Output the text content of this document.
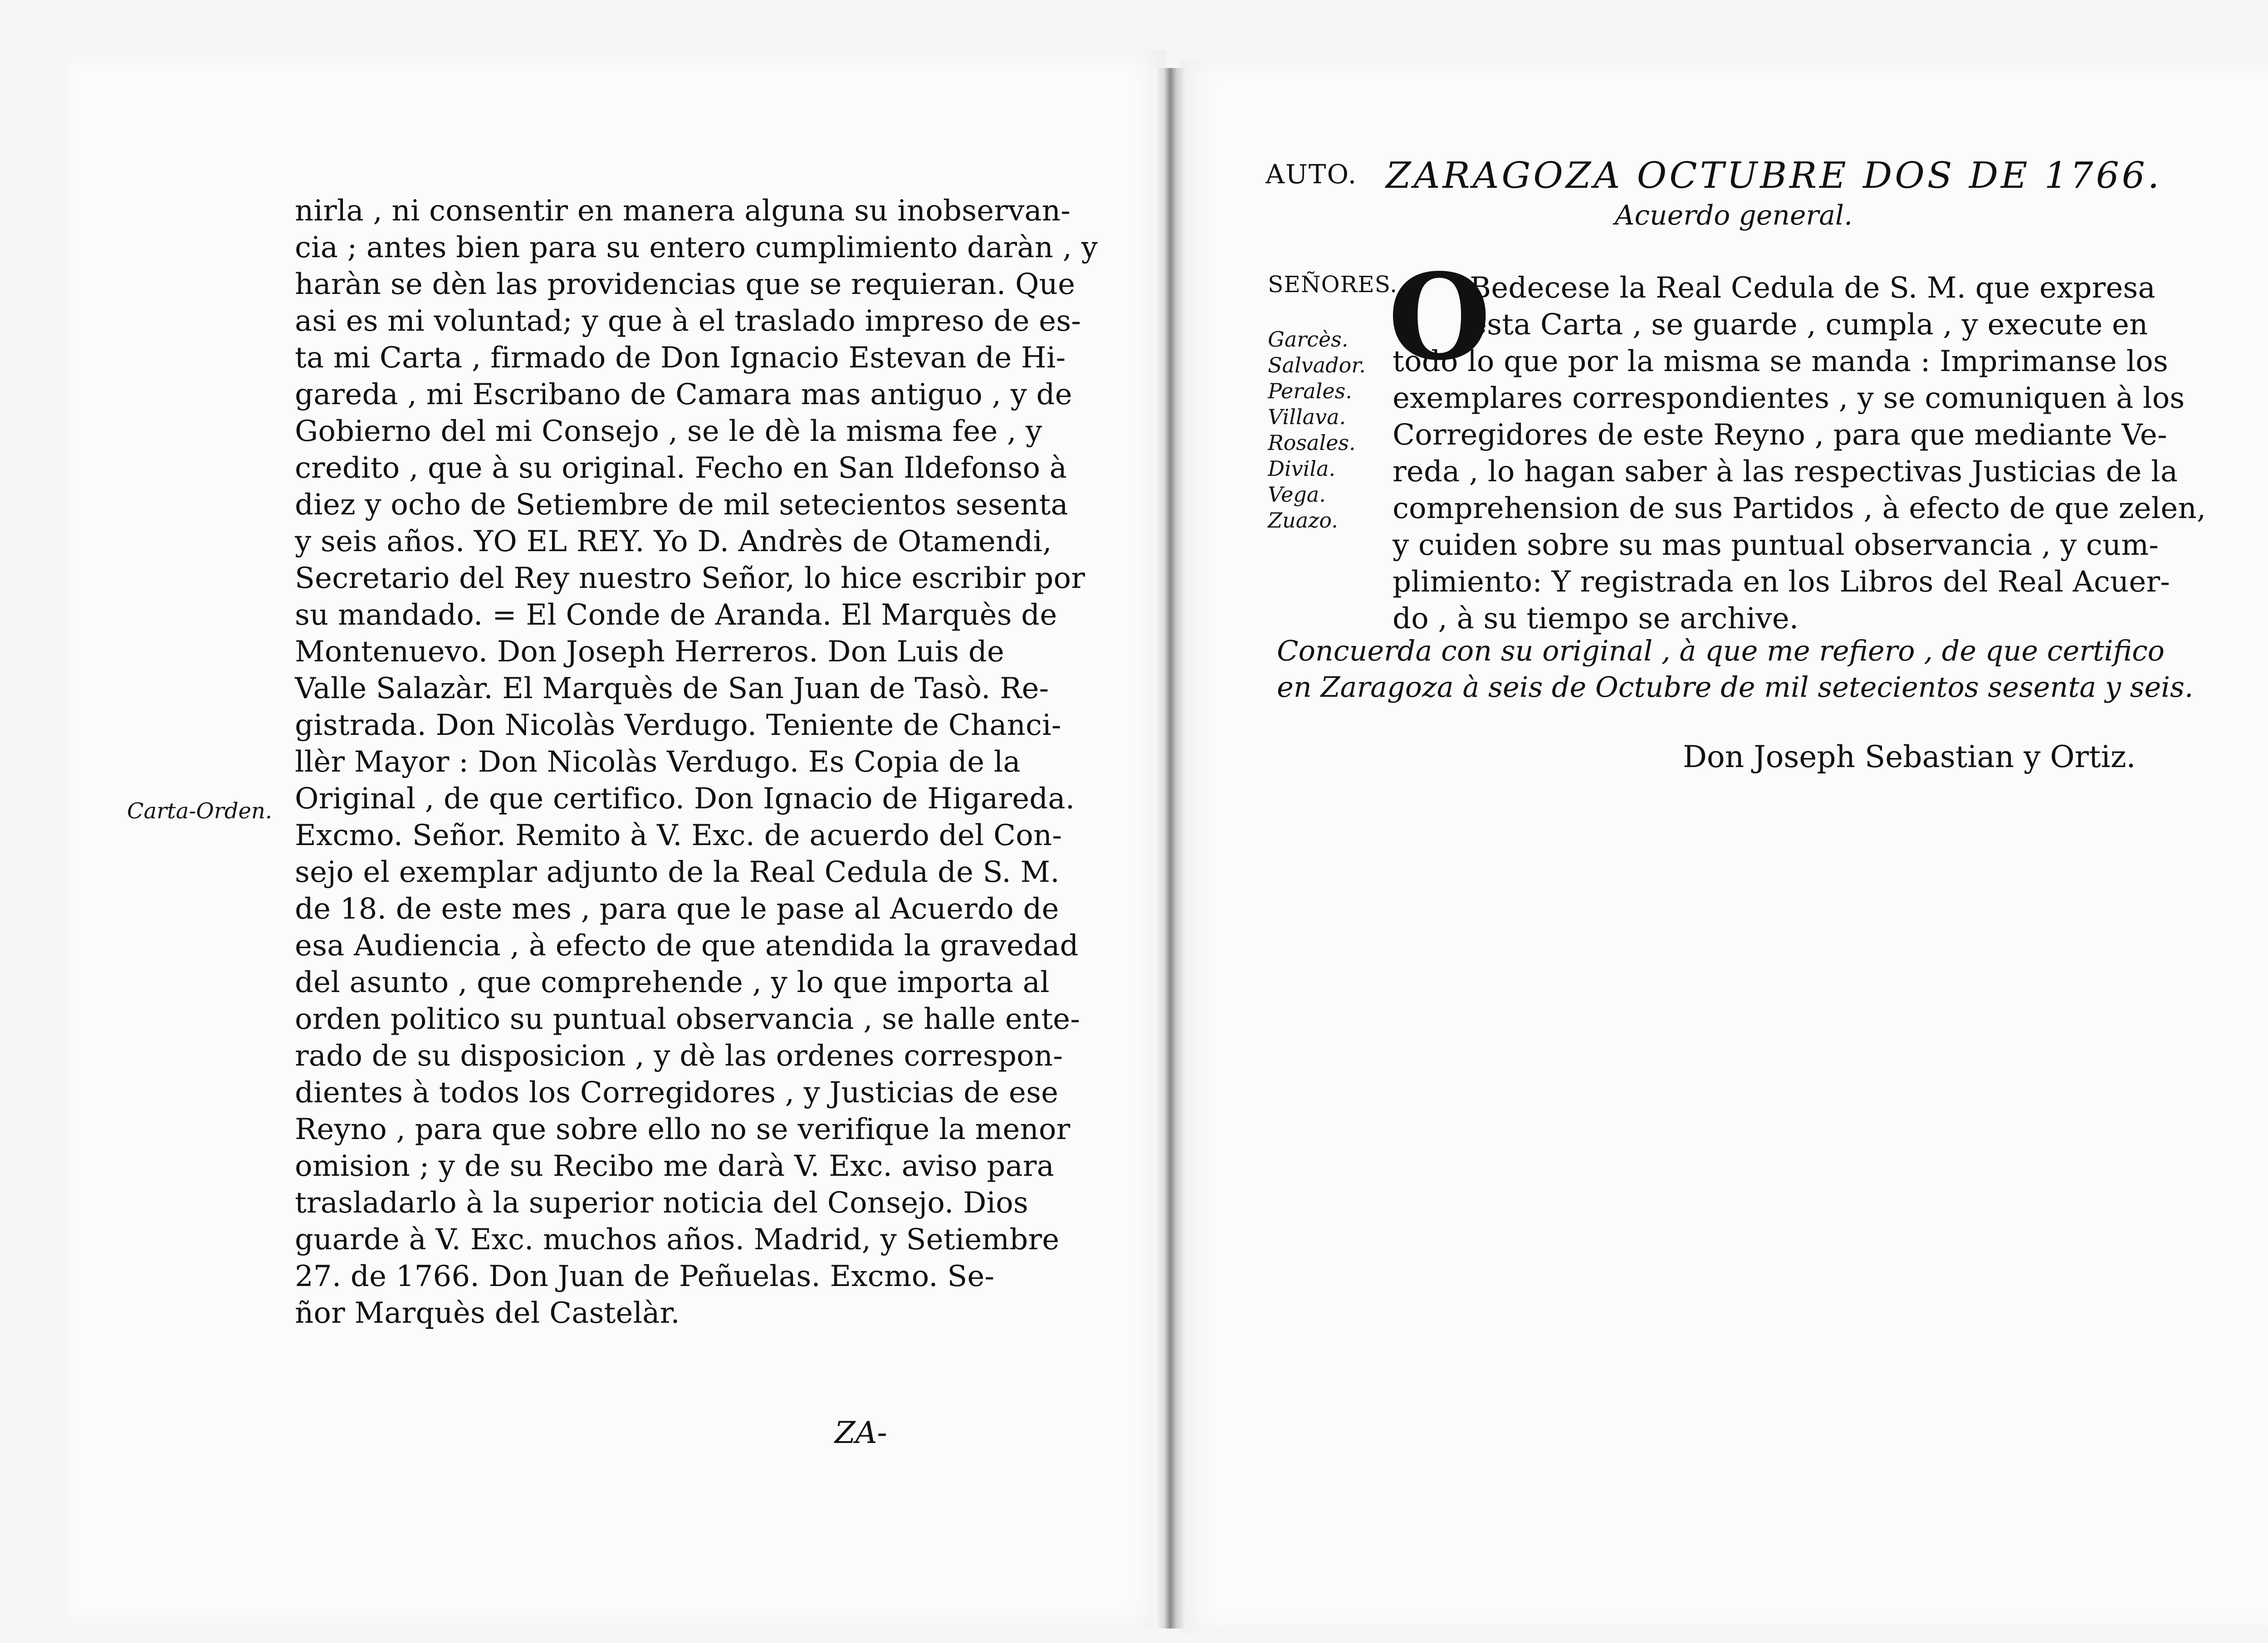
nirla , ni consentir en manera alguna su inobservan-
cia ; antes bien para su entero cumplimiento daràn , y
haràn se dèn las providencias que se requieran. Que
asi es mi voluntad; y que à el traslado impreso de es-
ta mi Carta , firmado de Don Ignacio Estevan de Hi-
gareda , mi Escribano de Camara mas antiguo , y de
Gobierno del mi Consejo , se le dè la misma fee , y
credito , que à su original. Fecho en San Ildefonso à
diez y ocho de Setiembre de mil setecientos sesenta
y seis años. YO EL REY. Yo D. Andrès de Otamendi,
Secretario del Rey nuestro Señor, lo hice escribir por
su mandado. = El Conde de Aranda. El Marquès de
Montenuevo. Don Joseph Herreros. Don Luis de
Valle Salazàr. El Marquès de San Juan de Tasò. Re-
gistrada. Don Nicolàs Verdugo. Teniente de Chanci-
llèr Mayor : Don Nicolàs Verdugo. Es Copia de la
Original , de que certifico. Don Ignacio de Higareda.
Excmo. Señor. Remito à V. Exc. de acuerdo del Con-
sejo el exemplar adjunto de la Real Cedula de S. M.
de 18. de este mes , para que le pase al Acuerdo de
esa Audiencia , à efecto de que atendida la gravedad
del asunto , que comprehende , y lo que importa al
orden politico su puntual observancia , se halle ente-
rado de su disposicion , y dè las ordenes correspon-
dientes à todos los Corregidores , y Justicias de ese
Reyno , para que sobre ello no se verifique la menor
omision ; y de su Recibo me darà V. Exc. aviso para
trasladarlo à la superior noticia del Consejo. Dios
guarde à V. Exc. muchos años. Madrid, y Setiembre
27. de 1766. Don Juan de Peñuelas. Excmo. Se-
ñor Marquès del Castelàr.
Carta-Orden.
ZA-
AUTO. ZARAGOZA OCTUBRE DOS DE 1766.
Acuerdo general.
SEÑORES.
Garcès.
Salvador.
Perales.
Villava.
Rosales.
Divila.
Vega.
Zuazo.
O
Bedecese la Real Cedula de S. M. que expresa
esta Carta , se guarde , cumpla , y execute en
todo lo que por la misma se manda : Imprimanse los
exemplares correspondientes , y se comuniquen à los
Corregidores de este Reyno , para que mediante Ve-
reda , lo hagan saber à las respectivas Justicias de la
comprehension de sus Partidos , à efecto de que zelen,
y cuiden sobre su mas puntual observancia , y cum-
plimiento: Y registrada en los Libros del Real Acuer-
do , à su tiempo se archive.
Concuerda con su original , à que me refiero , de que certifico
en Zaragoza à seis de Octubre de mil setecientos sesenta y seis.
Don Joseph Sebastian y Ortiz.
